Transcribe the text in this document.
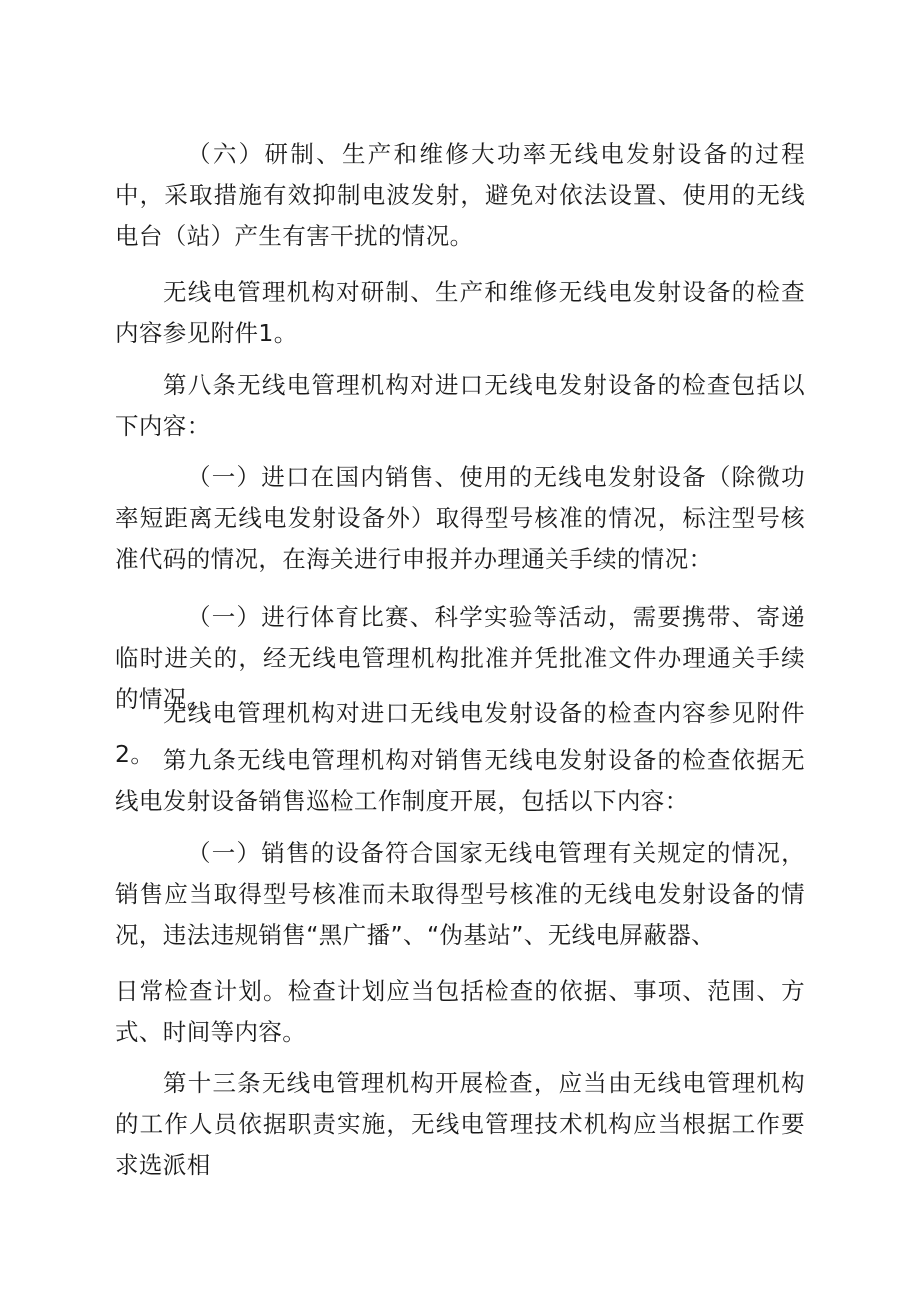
（六）研制、生产和维修大功率无线电发射设备的过程中，采取措施有效抑制电波发射，避免对依法设置、使用的无线电台（站）产生有害干扰的情况。

无线电管理机构对研制、生产和维修无线电发射设备的检查内容参见附件1。

第八条无线电管理机构对进口无线电发射设备的检查包括以下内容：

（一）进口在国内销售、使用的无线电发射设备（除微功率短距离无线电发射设备外）取得型号核准的情况，标注型号核准代码的情况，在海关进行申报并办理通关手续的情况：

（一）进行体育比赛、科学实验等活动，需要携带、寄递临时进关的，经无线电管理机构批准并凭批准文件办理通关手续的情况。

无线电管理机构对进口无线电发射设备的检查内容参见附件2。 第九条无线电管理机构对销售无线电发射设备的检查依据无线电发射设备销售巡检工作制度开展，包括以下内容：

（一）销售的设备符合国家无线电管理有关规定的情况，销售应当取得型号核准而未取得型号核准的无线电发射设备的情况，违法违规销售“黑广播”、“伪基站”、无线电屏蔽器、

日常检查计划。检查计划应当包括检查的依据、事项、范围、方式、时间等内容。

第十三条无线电管理机构开展检查，应当由无线电管理机构的工作人员依据职责实施，无线电管理技术机构应当根据工作要求选派相
